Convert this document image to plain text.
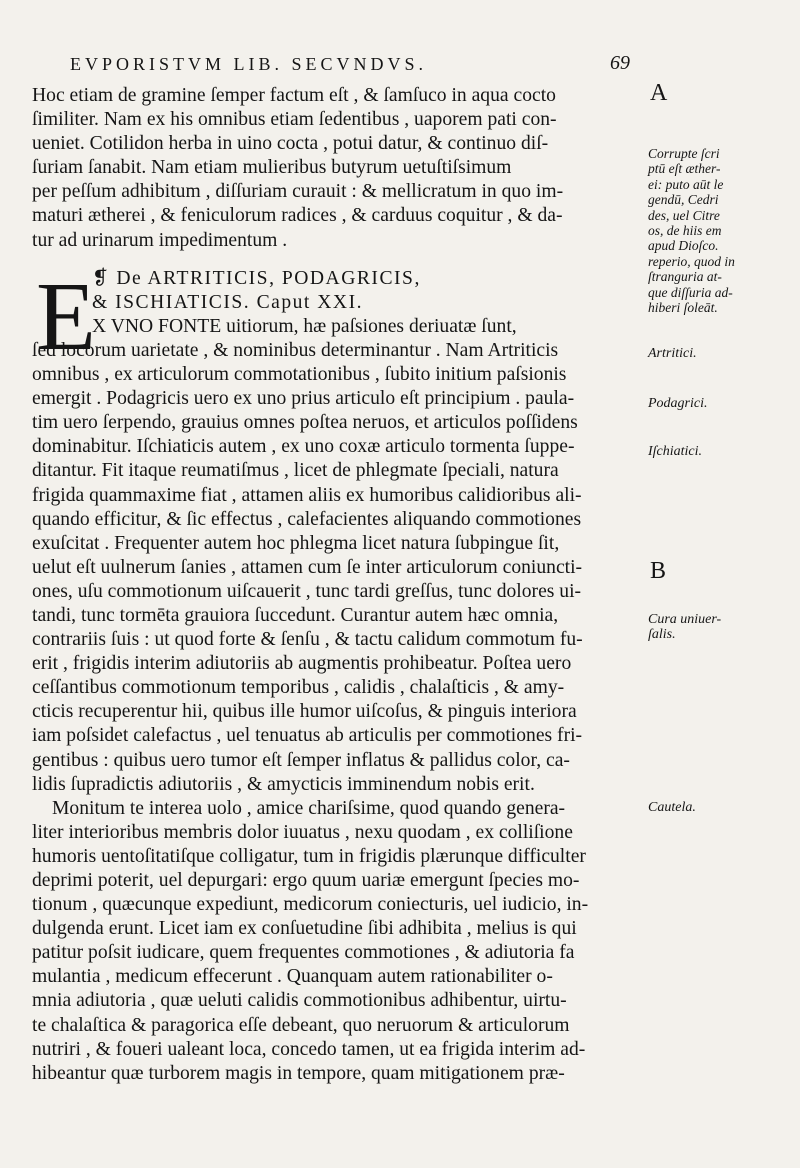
EVPORISTVM LIB. SECVNDVS.	69
Hoc etiam de gramine ſemper factum eſt , & ſamſuco in aqua cocto
ſimiliter. Nam ex his omnibus etiam ſedentibus , uaporem pati con-
ueniet. Cotilidon herba in uino cocta , potui datur, & continuo diſ-
ſuriam ſanabit. Nam etiam mulieribus butyrum uetuſtiſsimum
per peſſum adhibitum , diſſuriam curauit : & mellicratum in quo im-
maturi ætherei , & feniculorum radices , & carduus coquitur , & da-
tur ad urinarum impedimentum .
❡ De ARTRITICIS, PODAGRICIS,
& ISCHIATICIS. Caput XXI.
X VNO FONTE uitiorum, hæ paſsiones deriuatæ ſunt,
ſed locorum uarietate , & nominibus determinantur . Nam Artriticis
omnibus , ex articulorum commotationibus , ſubito initium paſsionis
emergit . Podagricis uero ex uno prius articulo eſt principium . paula-
tim uero ſerpendo, grauius omnes poſtea neruos, et articulos poſſidens
dominabitur. Iſchiaticis autem , ex uno coxæ articulo tormenta ſuppe-
ditantur. Fit itaque reumatiſmus , licet de phlegmate ſpeciali, natura
frigida quammaxime fiat , attamen aliis ex humoribus calidioribus ali-
quando efficitur, & ſic effectus , calefacientes aliquando commotiones
exuſcitat . Frequenter autem hoc phlegma licet natura ſubpingue ſit,
uelut eſt uulnerum ſanies , attamen cum ſe inter articulorum coniuncti-
ones, uſu commotionum uiſcauerit , tunc tardi greſſus, tunc dolores ui-
tandi, tunc tormēta grauiora ſuccedunt. Curantur autem hæc omnia,
contrariis ſuis : ut quod forte & ſenſu , & tactu calidum commotum fu-
erit , frigidis interim adiutoriis ab augmentis prohibeatur. Poſtea uero
ceſſantibus commotionum temporibus , calidis , chalaſticis , & amy-
cticis recuperentur hii, quibus ille humor uiſcoſus, & pinguis interiora
iam poſsidet calefactus , uel tenuatus ab articulis per commotiones fri-
gentibus : quibus uero tumor eſt ſemper inflatus & pallidus color, ca-
lidis ſupradictis adiutoriis , & amycticis imminendum nobis erit.
Monitum te interea uolo , amice chariſsime, quod quando genera-
liter interioribus membris dolor iuuatus , nexu quodam , ex colliſione
humoris uentoſitatiſque colligatur, tum in frigidis plærunque difficulter
deprimi poterit, uel depurgari: ergo quum uariæ emergunt ſpecies mo-
tionum , quæcunque expediunt, medicorum coniecturis, uel iudicio, in-
dulgenda erunt. Licet iam ex conſuetudine ſibi adhibita , melius is qui
patitur poſsit iudicare, quem frequentes commotiones , & adiutoria fa
mulantia , medicum effecerunt . Quanquam autem rationabiliter o-
mnia adiutoria , quæ ueluti calidis commotionibus adhibentur, uirtu-
te chalaſtica & paragorica eſſe debeant, quo neruorum & articulorum
nutriri , & foueri ualeant loca, concedo tamen, ut ea frigida interim ad-
hibeantur quæ turborem magis in tempore, quam mitigationem præ-
E
A
Corrupte ſcri
ptū eſt æther-
ei: puto aūt le
gendū, Cedri
des, uel Citre
os, de hiis em
apud Dioſco.
reperio, quod in
ſtranguria at-
que diſſuria ad-
hiberi ſoleāt.
Artritici.
Podagrici.
Iſchiatici.
B
Cura uniuer-
ſalis.
Cautela.
